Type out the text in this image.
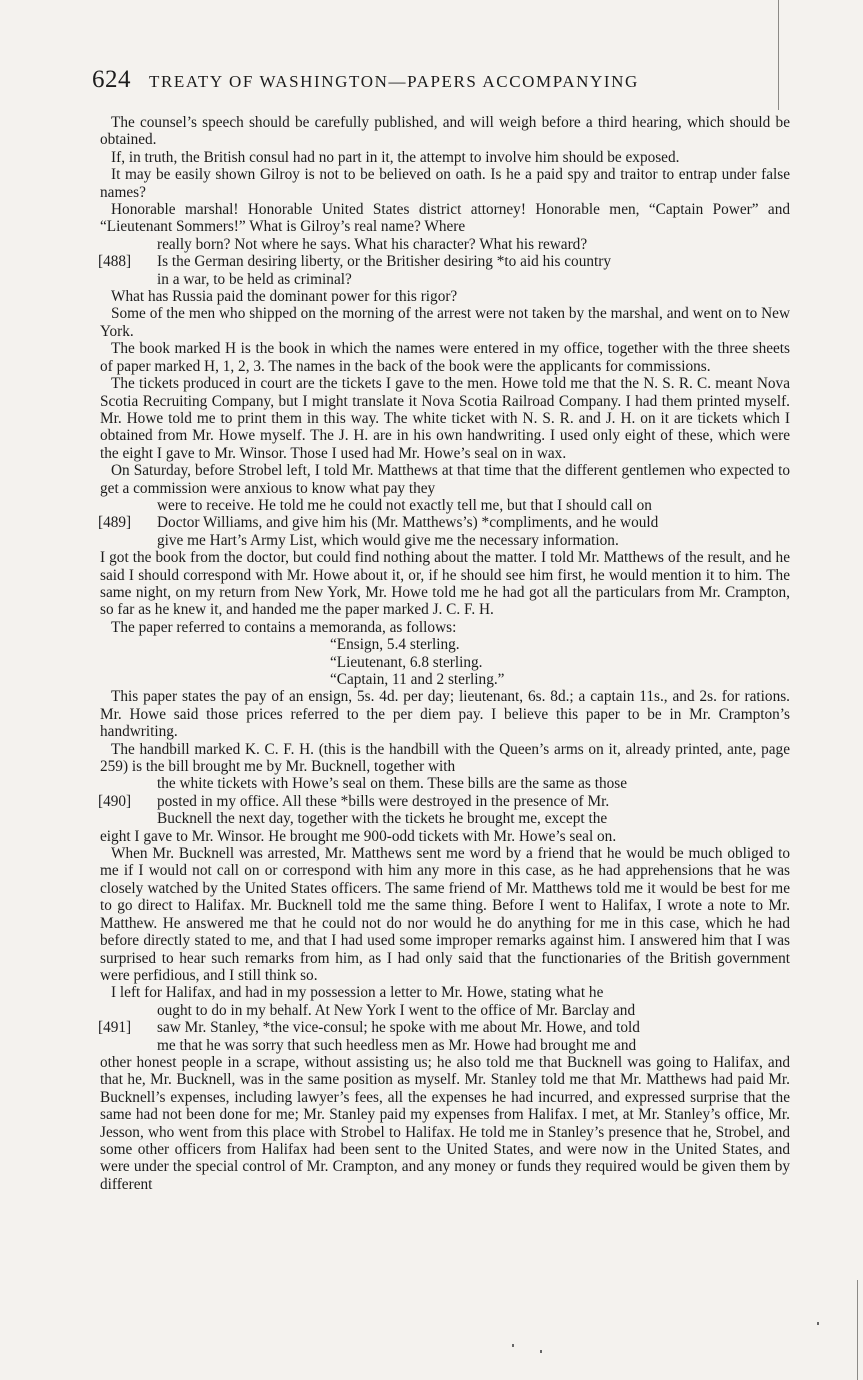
624 TREATY OF WASHINGTON—PAPERS ACCOMPANYING

The counsel’s speech should be carefully published, and will weigh before a third hearing, which should be obtained.

If, in truth, the British consul had no part in it, the attempt to involve him should be exposed.

It may be easily shown Gilroy is not to be believed on oath. Is he a paid spy and traitor to entrap under false names?

Honorable marshal! Honorable United States district attorney! Honorable men, “Captain Power” and “Lieutenant Sommers!” What is Gilroy’s real name? Where

really born? Not where he says. What his character? What his reward?

[488]	Is the German desiring liberty, or the Britisher desiring *to aid his country

in a war, to be held as criminal?

What has Russia paid the dominant power for this rigor?

Some of the men who shipped on the morning of the arrest were not taken by the marshal, and went on to New York.

The book marked H is the book in which the names were entered in my office, together with the three sheets of paper marked H, 1, 2, 3. The names in the back of the book were the applicants for commissions.

The tickets produced in court are the tickets I gave to the men. Howe told me that the N. S. R. C. meant Nova Scotia Recruiting Company, but I might translate it Nova Scotia Railroad Company. I had them printed myself. Mr. Howe told me to print them in this way. The white ticket with N. S. R. and J. H. on it are tickets which I obtained from Mr. Howe myself. The J. H. are in his own handwriting. I used only eight of these, which were the eight I gave to Mr. Winsor. Those I used had Mr. Howe’s seal on in wax.

On Saturday, before Strobel left, I told Mr. Matthews at that time that the different gentlemen who expected to get a commission were anxious to know what pay they

were to receive. He told me he could not exactly tell me, but that I should call on

[489]	Doctor Williams, and give him his (Mr. Matthews’s) *compliments, and he would

give me Hart’s Army List, which would give me the necessary information.

I got the book from the doctor, but could find nothing about the matter. I told Mr. Matthews of the result, and he said I should correspond with Mr. Howe about it, or, if he should see him first, he would mention it to him. The same night, on my return from New York, Mr. Howe told me he had got all the particulars from Mr. Crampton, so far as he knew it, and handed me the paper marked J. C. F. H.

The paper referred to contains a memoranda, as follows:

“Ensign, 5.4 sterling.

“Lieutenant, 6.8 sterling.

“Captain, 11 and 2 sterling.”

This paper states the pay of an ensign, 5s. 4d. per day; lieutenant, 6s. 8d.; a captain 11s., and 2s. for rations. Mr. Howe said those prices referred to the per diem pay. I believe this paper to be in Mr. Crampton’s handwriting.

The handbill marked K. C. F. H. (this is the handbill with the Queen’s arms on it, already printed, ante, page 259) is the bill brought me by Mr. Bucknell, together with

the white tickets with Howe’s seal on them. These bills are the same as those

[490]	posted in my office. All these *bills were destroyed in the presence of Mr.

Bucknell the next day, together with the tickets he brought me, except the

eight I gave to Mr. Winsor. He brought me 900-odd tickets with Mr. Howe’s seal on.

When Mr. Bucknell was arrested, Mr. Matthews sent me word by a friend that he would be much obliged to me if I would not call on or correspond with him any more in this case, as he had apprehensions that he was closely watched by the United States officers. The same friend of Mr. Matthews told me it would be best for me to go direct to Halifax. Mr. Bucknell told me the same thing. Before I went to Halifax, I wrote a note to Mr. Matthew. He answered me that he could not do nor would he do anything for me in this case, which he had before directly stated to me, and that I had used some improper remarks against him. I answered him that I was surprised to hear such remarks from him, as I had only said that the functionaries of the British government were perfidious, and I still think so.

I left for Halifax, and had in my possession a letter to Mr. Howe, stating what he

ought to do in my behalf. At New York I went to the office of Mr. Barclay and

[491]	saw Mr. Stanley, *the vice-consul; he spoke with me about Mr. Howe, and told

me that he was sorry that such heedless men as Mr. Howe had brought me and

other honest people in a scrape, without assisting us; he also told me that Bucknell was going to Halifax, and that he, Mr. Bucknell, was in the same position as myself. Mr. Stanley told me that Mr. Matthews had paid Mr. Bucknell’s expenses, including lawyer’s fees, all the expenses he had incurred, and expressed surprise that the same had not been done for me; Mr. Stanley paid my expenses from Halifax. I met, at Mr. Stanley’s office, Mr. Jesson, who went from this place with Strobel to Halifax. He told me in Stanley’s presence that he, Strobel, and some other officers from Halifax had been sent to the United States, and were now in the United States, and were under the special control of Mr. Crampton, and any money or funds they required would be given them by different
